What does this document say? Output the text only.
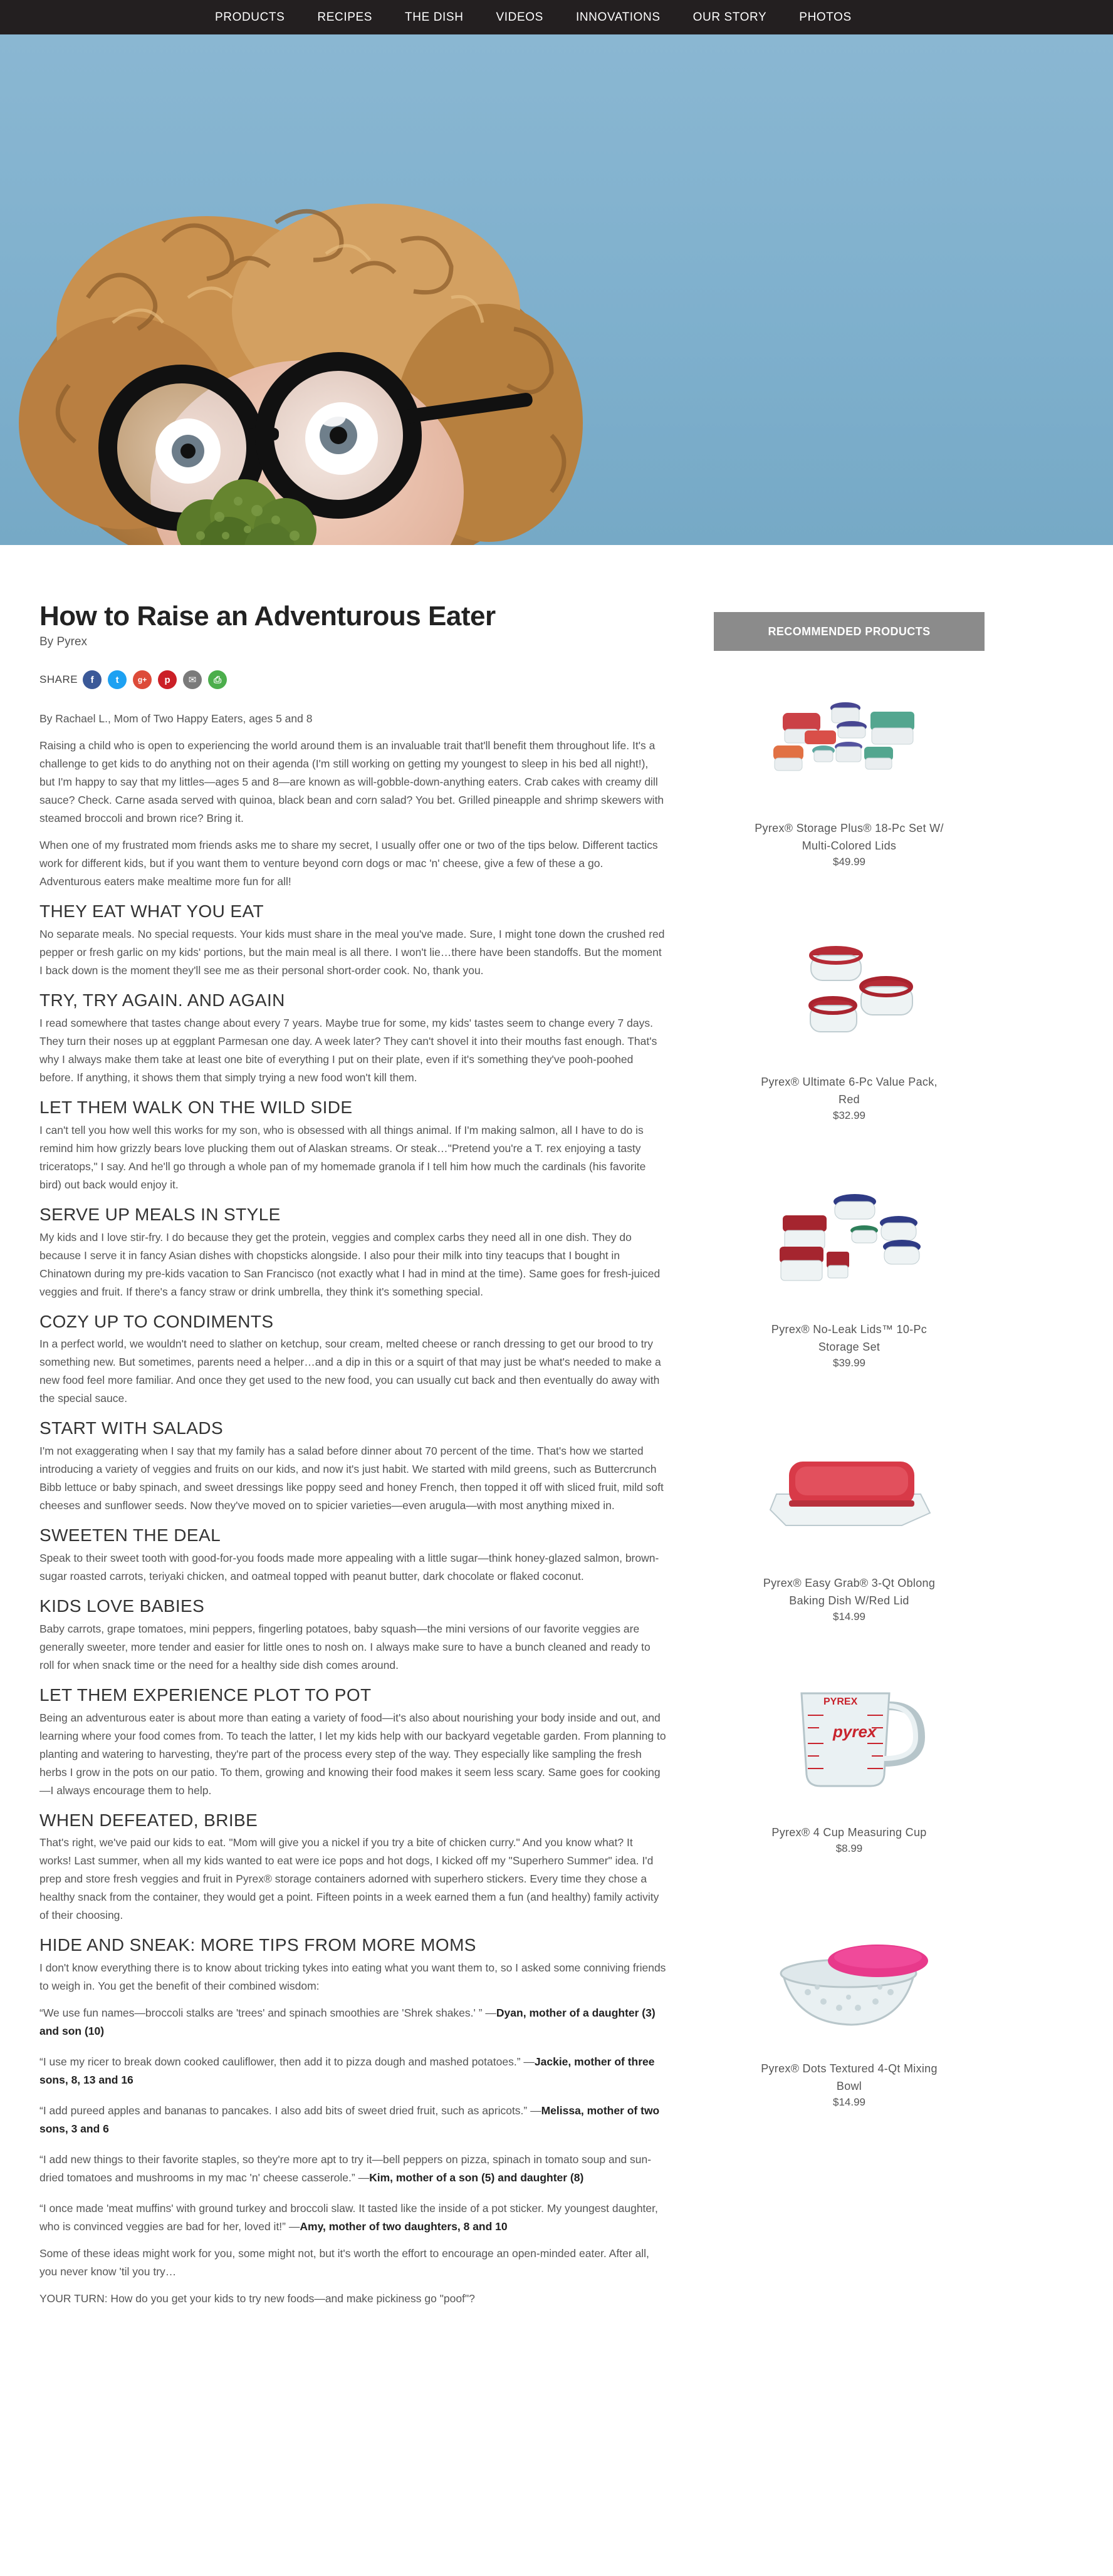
PRODUCTS	RECIPES	THE DISH	VIDEOS	INNOVATIONS	OUR STORY	PHOTOS
How to Raise an Adventurous Eater
By Pyrex
SHARE f t	g+ p ✉ ⎙

By Rachael L., Mom of Two Happy Eaters, ages 5 and 8

Raising a child who is open to experiencing the world around them is an invaluable trait that'll benefit them throughout life. It's a challenge to get kids to do anything not on their agenda (I'm still working on getting my youngest to sleep in his bed all night!), but I'm happy to say that my littles—ages 5 and 8—are known as will-gobble-down-anything eaters. Crab cakes with creamy dill sauce? Check. Carne asada served with quinoa, black bean and corn salad? You bet. Grilled pineapple and shrimp skewers with steamed broccoli and brown rice? Bring it.

When one of my frustrated mom friends asks me to share my secret, I usually offer one or two of the tips below. Different tactics work for different kids, but if you want them to venture beyond corn dogs or mac 'n' cheese, give a few of these a go. Adventurous eaters make mealtime more fun for all!

THEY EAT WHAT YOU EAT

No separate meals. No special requests. Your kids must share in the meal you've made. Sure, I might tone down the crushed red pepper or fresh garlic on my kids' portions, but the main meal is all there. I won't lie…there have been standoffs. But the moment I back down is the moment they'll see me as their personal short-order cook. No, thank you.

TRY, TRY AGAIN. AND AGAIN

I read somewhere that tastes change about every 7 years. Maybe true for some, my kids' tastes seem to change every 7 days. They turn their noses up at eggplant Parmesan one day. A week later? They can't shovel it into their mouths fast enough. That's why I always make them take at least one bite of everything I put on their plate, even if it's something they've pooh-poohed before. If anything, it shows them that simply trying a new food won't kill them.

LET THEM WALK ON THE WILD SIDE

I can't tell you how well this works for my son, who is obsessed with all things animal. If I'm making salmon, all I have to do is remind him how grizzly bears love plucking them out of Alaskan streams. Or steak…"Pretend you're a T. rex enjoying a tasty triceratops," I say. And he'll go through a whole pan of my homemade granola if I tell him how much the cardinals (his favorite bird) out back would enjoy it.

SERVE UP MEALS IN STYLE

My kids and I love stir-fry. I do because they get the protein, veggies and complex carbs they need all in one dish. They do because I serve it in fancy Asian dishes with chopsticks alongside. I also pour their milk into tiny teacups that I bought in Chinatown during my pre-kids vacation to San Francisco (not exactly what I had in mind at the time). Same goes for fresh-juiced veggies and fruit. If there's a fancy straw or drink umbrella, they think it's something special.

COZY UP TO CONDIMENTS

In a perfect world, we wouldn't need to slather on ketchup, sour cream, melted cheese or ranch dressing to get our brood to try something new. But sometimes, parents need a helper…and a dip in this or a squirt of that may just be what's needed to make a new food feel more familiar. And once they get used to the new food, you can usually cut back and then eventually do away with the special sauce.

START WITH SALADS

I'm not exaggerating when I say that my family has a salad before dinner about 70 percent of the time. That's how we started introducing a variety of veggies and fruits on our kids, and now it's just habit. We started with mild greens, such as Buttercrunch Bibb lettuce or baby spinach, and sweet dressings like poppy seed and honey French, then topped it off with sliced fruit, mild soft cheeses and sunflower seeds. Now they've moved on to spicier varieties—even arugula—with most anything mixed in.

SWEETEN THE DEAL

Speak to their sweet tooth with good-for-you foods made more appealing with a little sugar—think honey-glazed salmon, brown-sugar roasted carrots, teriyaki chicken, and oatmeal topped with peanut butter, dark chocolate or flaked coconut.

KIDS LOVE BABIES

Baby carrots, grape tomatoes, mini peppers, fingerling potatoes, baby squash—the mini versions of our favorite veggies are generally sweeter, more tender and easier for little ones to nosh on. I always make sure to have a bunch cleaned and ready to roll for when snack time or the need for a healthy side dish comes around.

LET THEM EXPERIENCE PLOT TO POT

Being an adventurous eater is about more than eating a variety of food—it's also about nourishing your body inside and out, and learning where your food comes from. To teach the latter, I let my kids help with our backyard vegetable garden. From planning to planting and watering to harvesting, they're part of the process every step of the way. They especially like sampling the fresh herbs I grow in the pots on our patio. To them, growing and knowing their food makes it seem less scary. Same goes for cooking—I always encourage them to help.

WHEN DEFEATED, BRIBE

That's right, we've paid our kids to eat. "Mom will give you a nickel if you try a bite of chicken curry." And you know what? It works! Last summer, when all my kids wanted to eat were ice pops and hot dogs, I kicked off my "Superhero Summer" idea. I'd prep and store fresh veggies and fruit in Pyrex® storage containers adorned with superhero stickers. Every time they chose a healthy snack from the container, they would get a point. Fifteen points in a week earned them a fun (and healthy) family activity of their choosing.

HIDE AND SNEAK: MORE TIPS FROM MORE MOMS

I don't know everything there is to know about tricking tykes into eating what you want them to, so I asked some conniving friends to weigh in. You get the benefit of their combined wisdom:

“We use fun names—broccoli stalks are 'trees' and spinach smoothies are 'Shrek shakes.' ” —Dyan, mother of a daughter (3) and son (10)

“I use my ricer to break down cooked cauliflower, then add it to pizza dough and mashed potatoes.” —Jackie, mother of three sons, 8, 13 and 16

“I add pureed apples and bananas to pancakes. I also add bits of sweet dried fruit, such as apricots.” —Melissa, mother of two sons, 3 and 6

“I add new things to their favorite staples, so they're more apt to try it—bell peppers on pizza, spinach in tomato soup and sun-dried tomatoes and mushrooms in my mac 'n' cheese casserole.” —Kim, mother of a son (5) and daughter (8)

“I once made 'meat muffins' with ground turkey and broccoli slaw. It tasted like the inside of a pot sticker. My youngest daughter, who is convinced veggies are bad for her, loved it!” —Amy, mother of two daughters, 8 and 10

Some of these ideas might work for you, some might not, but it's worth the effort to encourage an open-minded eater. After all, you never know 'til you try…

YOUR TURN: How do you get your kids to try new foods—and make pickiness go "poof"?

RECOMMENDED PRODUCTS
Pyrex® Storage Plus® 18-Pc Set W/ Multi-Colored Lids
$49.99
Pyrex® Ultimate 6-Pc Value Pack, Red
$32.99
Pyrex® No-Leak Lids™ 10-Pc Storage Set
$39.99
Pyrex® Easy Grab® 3-Qt Oblong Baking Dish W/Red Lid
$14.99
PYREX
pyrex
Pyrex® 4 Cup Measuring Cup
$8.99
Pyrex® Dots Textured 4-Qt Mixing Bowl
$14.99
